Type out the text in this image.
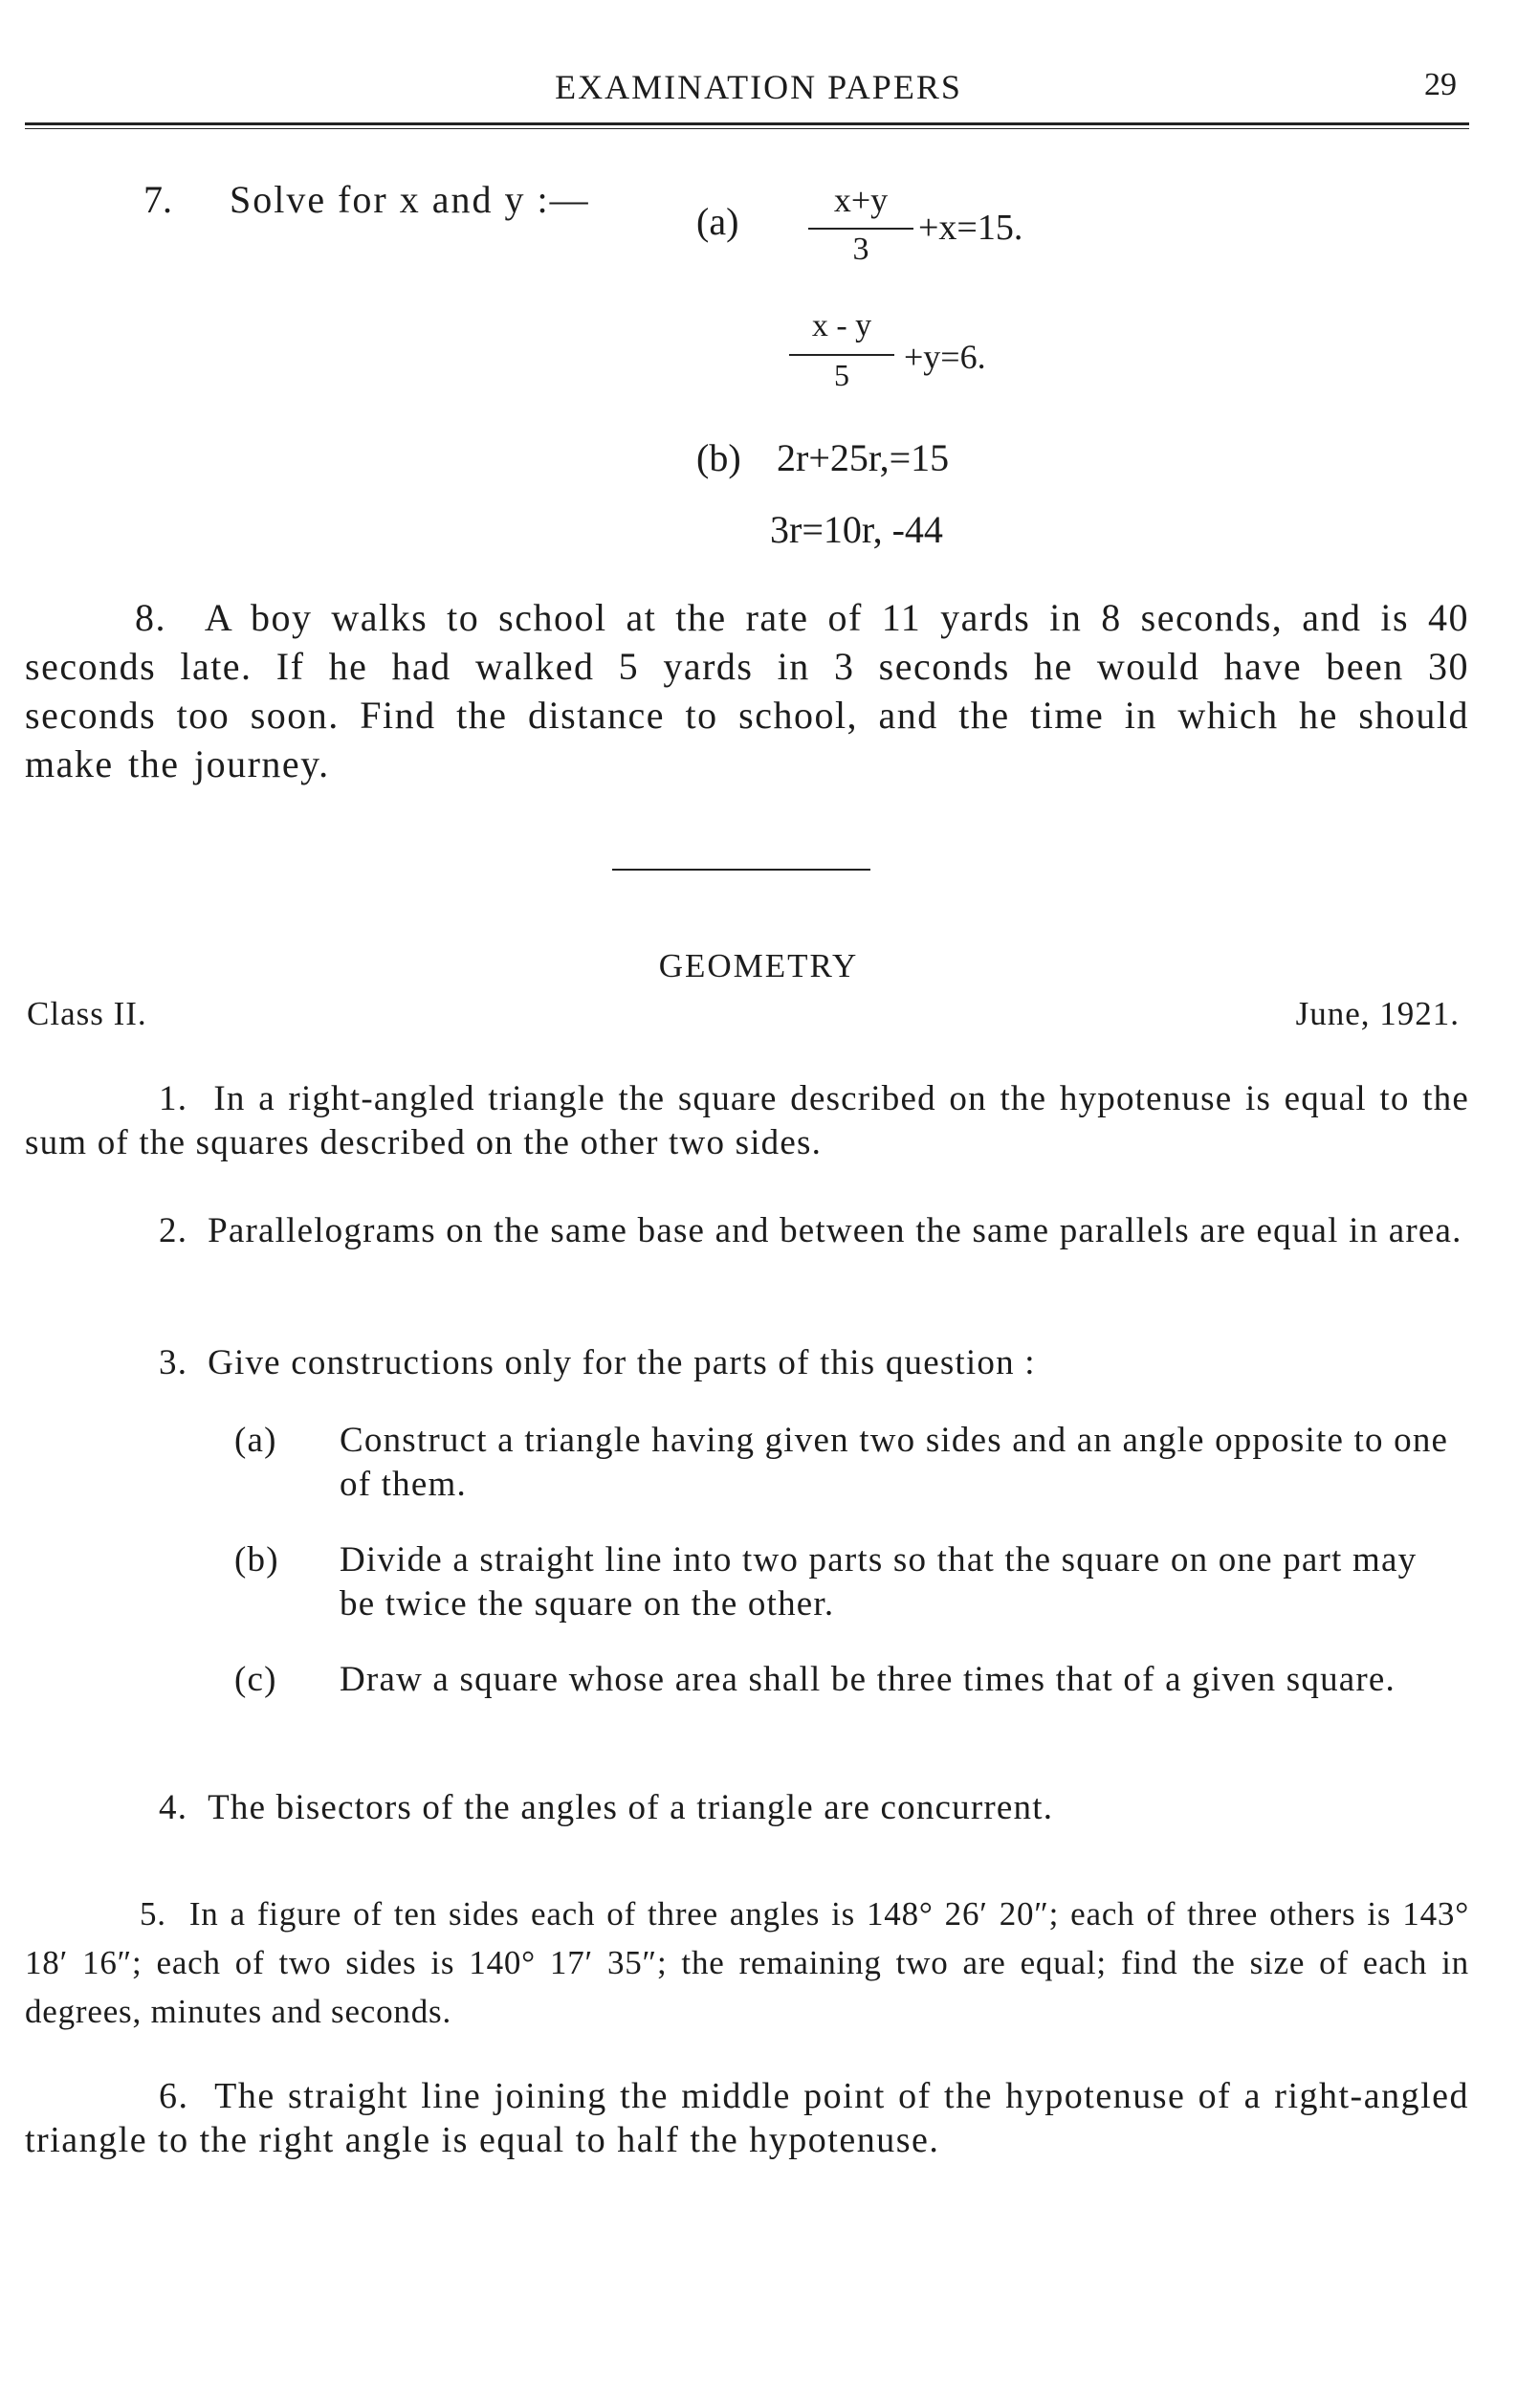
EXAMINATION PAPERS	29
7. Solve for x and y :—
(a)	x+y
3
+x=15.
x - y
5	+y=6.
(b) 2r+25r,=15
3r=10r, -44
8. A boy walks to school at the rate of 11 yards in 8 seconds, and is 40 seconds late. If he had walked 5 yards in 3 seconds he would have been 30 seconds too soon. Find the distance to school, and the time in which he should make the journey.
GEOMETRY
Class II.	June, 1921.
1. In a right-angled triangle the square described on the hypotenuse is equal to the sum of the squares described on the other two sides.
2. Parallelograms on the same base and between the same parallels are equal in area.
3. Give constructions only for the parts of this question :
(a) Construct a triangle having given two sides and an angle opposite to one of them.
(b) Divide a straight line into two parts so that the square on one part may be twice the square on the other.
(c) Draw a square whose area shall be three times that of a given square.
4. The bisectors of the angles of a triangle are concurrent.
5. In a figure of ten sides each of three angles is 148° 26′ 20″; each of three others is 143° 18′ 16″; each of two sides is 140° 17′ 35″; the remaining two are equal; find the size of each in degrees, minutes and seconds.
6. The straight line joining the middle point of the hypotenuse of a right-angled triangle to the right angle is equal to half the hypotenuse.
